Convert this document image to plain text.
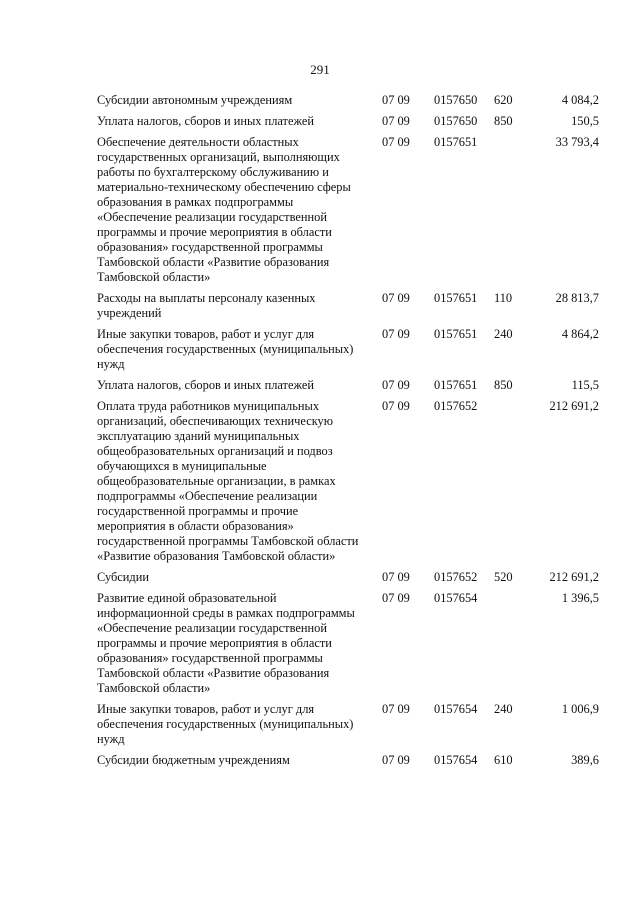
291
Субсидии автономным учреждениям	07 09 0157650 620	4 084,2
Уплата налогов, сборов и иных платежей	07 09 0157650 850	150,5
Обеспечение деятельности областных государственных организаций, выполняющих работы по бухгалтерскому обслуживанию и материально-техническому обеспечению сферы образования в рамках подпрограммы «Обеспечение реализации государственной программы и прочие мероприятия в области образования» государственной программы Тамбовской области «Развитие образования Тамбовской области»
07 09 0157651	33 793,4
Расходы на выплаты персоналу казенных учреждений
07 09 0157651 110	28 813,7
Иные закупки товаров, работ и услуг для обеспечения государственных (муниципальных) нужд
07 09 0157651 240	4 864,2
Уплата налогов, сборов и иных платежей	07 09 0157651 850	115,5
Оплата труда работников муниципальных организаций, обеспечивающих техническую эксплуатацию зданий муниципальных общеобразовательных организаций и подвоз обучающихся в муниципальные общеобразовательные организации, в рамках подпрограммы «Обеспечение реализации государственной программы и прочие мероприятия в области образования» государственной программы Тамбовской области «Развитие образования Тамбовской области»
07 09 0157652	212 691,2
Субсидии	07 09 0157652 520	212 691,2
Развитие единой образовательной информационной среды в рамках подпрограммы «Обеспечение реализации государственной программы и прочие мероприятия в области образования» государственной программы Тамбовской области «Развитие образования Тамбовской области»
07 09 0157654	1 396,5
Иные закупки товаров, работ и услуг для обеспечения государственных (муниципальных) нужд
07 09 0157654 240	1 006,9
Субсидии бюджетным учреждениям	07 09 0157654 610	389,6
